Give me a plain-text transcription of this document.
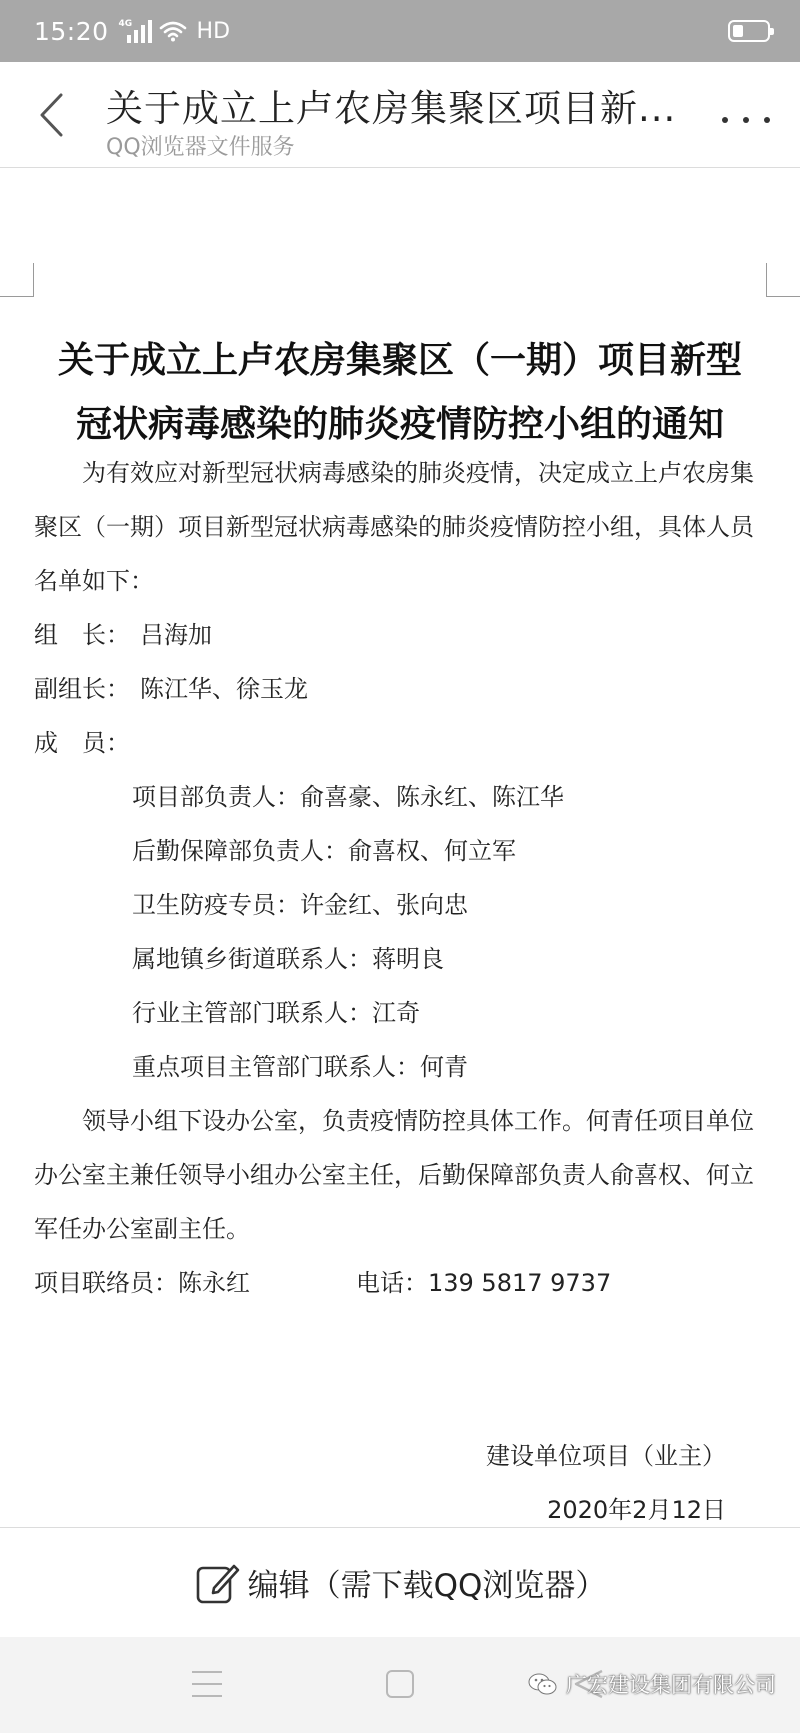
15:20 4G	HD
关于成立上卢农房集聚区项目新...
QQ浏览器文件服务
关于成立上卢农房集聚区（一期）项目新型
冠状病毒感染的肺炎疫情防控小组的通知

为有效应对新型冠状病毒感染的肺炎疫情，决定成立上卢农房集聚区（一期）项目新型冠状病毒感染的肺炎疫情防控小组，具体人员名单如下：

组　长： 吕海加
副组长： 陈江华、徐玉龙
成　员：
项目部负责人：俞喜豪、陈永红、陈江华
后勤保障部负责人：俞喜权、何立军
卫生防疫专员：许金红、张向忠
属地镇乡街道联系人：蒋明良
行业主管部门联系人：江奇
重点项目主管部门联系人：何青

领导小组下设办公室，负责疫情防控具体工作。何青任项目单位办公室主兼任领导小组办公室主任，后勤保障部负责人俞喜权、何立军任办公室副主任。

项目联络员：陈永红	电话：139 5817 9737
建设单位项目（业主）
2020年2月12日
编辑（需下载QQ浏览器）
广宏建设集团有限公司
